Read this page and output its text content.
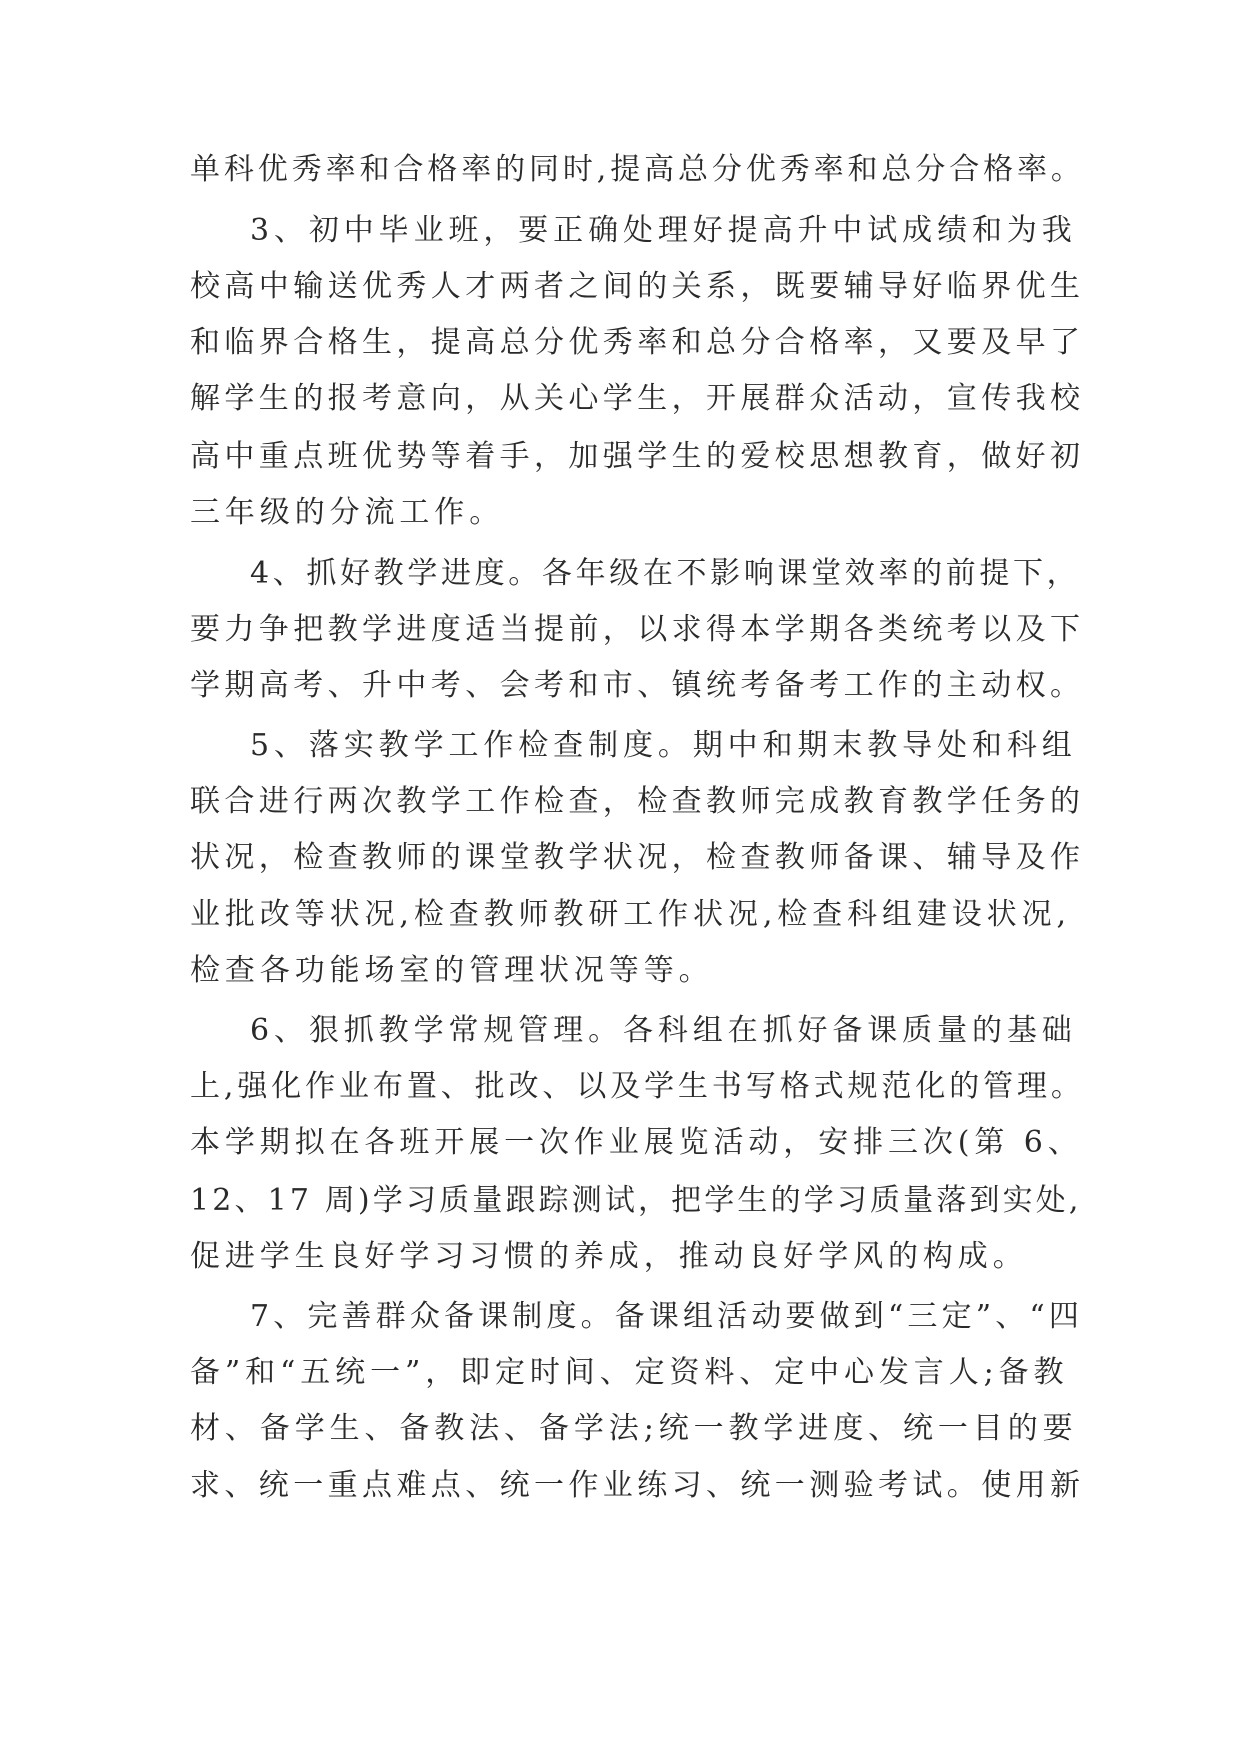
单科优秀率和合格率的同时,提高总分优秀率和总分合格率。
3、初中毕业班，要正确处理好提高升中试成绩和为我
校高中输送优秀人才两者之间的关系，既要辅导好临界优生
和临界合格生，提高总分优秀率和总分合格率，又要及早了
解学生的报考意向，从关心学生，开展群众活动，宣传我校
高中重点班优势等着手，加强学生的爱校思想教育，做好初
三年级的分流工作。
4、抓好教学进度。各年级在不影响课堂效率的前提下，
要力争把教学进度适当提前，以求得本学期各类统考以及下
学期高考、升中考、会考和市、镇统考备考工作的主动权。
5、落实教学工作检查制度。期中和期末教导处和科组
联合进行两次教学工作检查，检查教师完成教育教学任务的
状况，检查教师的课堂教学状况，检查教师备课、辅导及作
业批改等状况,检查教师教研工作状况,检查科组建设状况,
检查各功能场室的管理状况等等。
6、狠抓教学常规管理。各科组在抓好备课质量的基础
上,强化作业布置、批改、以及学生书写格式规范化的管理。
本学期拟在各班开展一次作业展览活动，安排三次(第 6、
12、17 周)学习质量跟踪测试，把学生的学习质量落到实处,
促进学生良好学习习惯的养成，推动良好学风的构成。
7、完善群众备课制度。备课组活动要做到“三定”、“四
备”和“五统一”，即定时间、定资料、定中心发言人;备教
材、备学生、备教法、备学法;统一教学进度、统一目的要
求、统一重点难点、统一作业练习、统一测验考试。使用新
